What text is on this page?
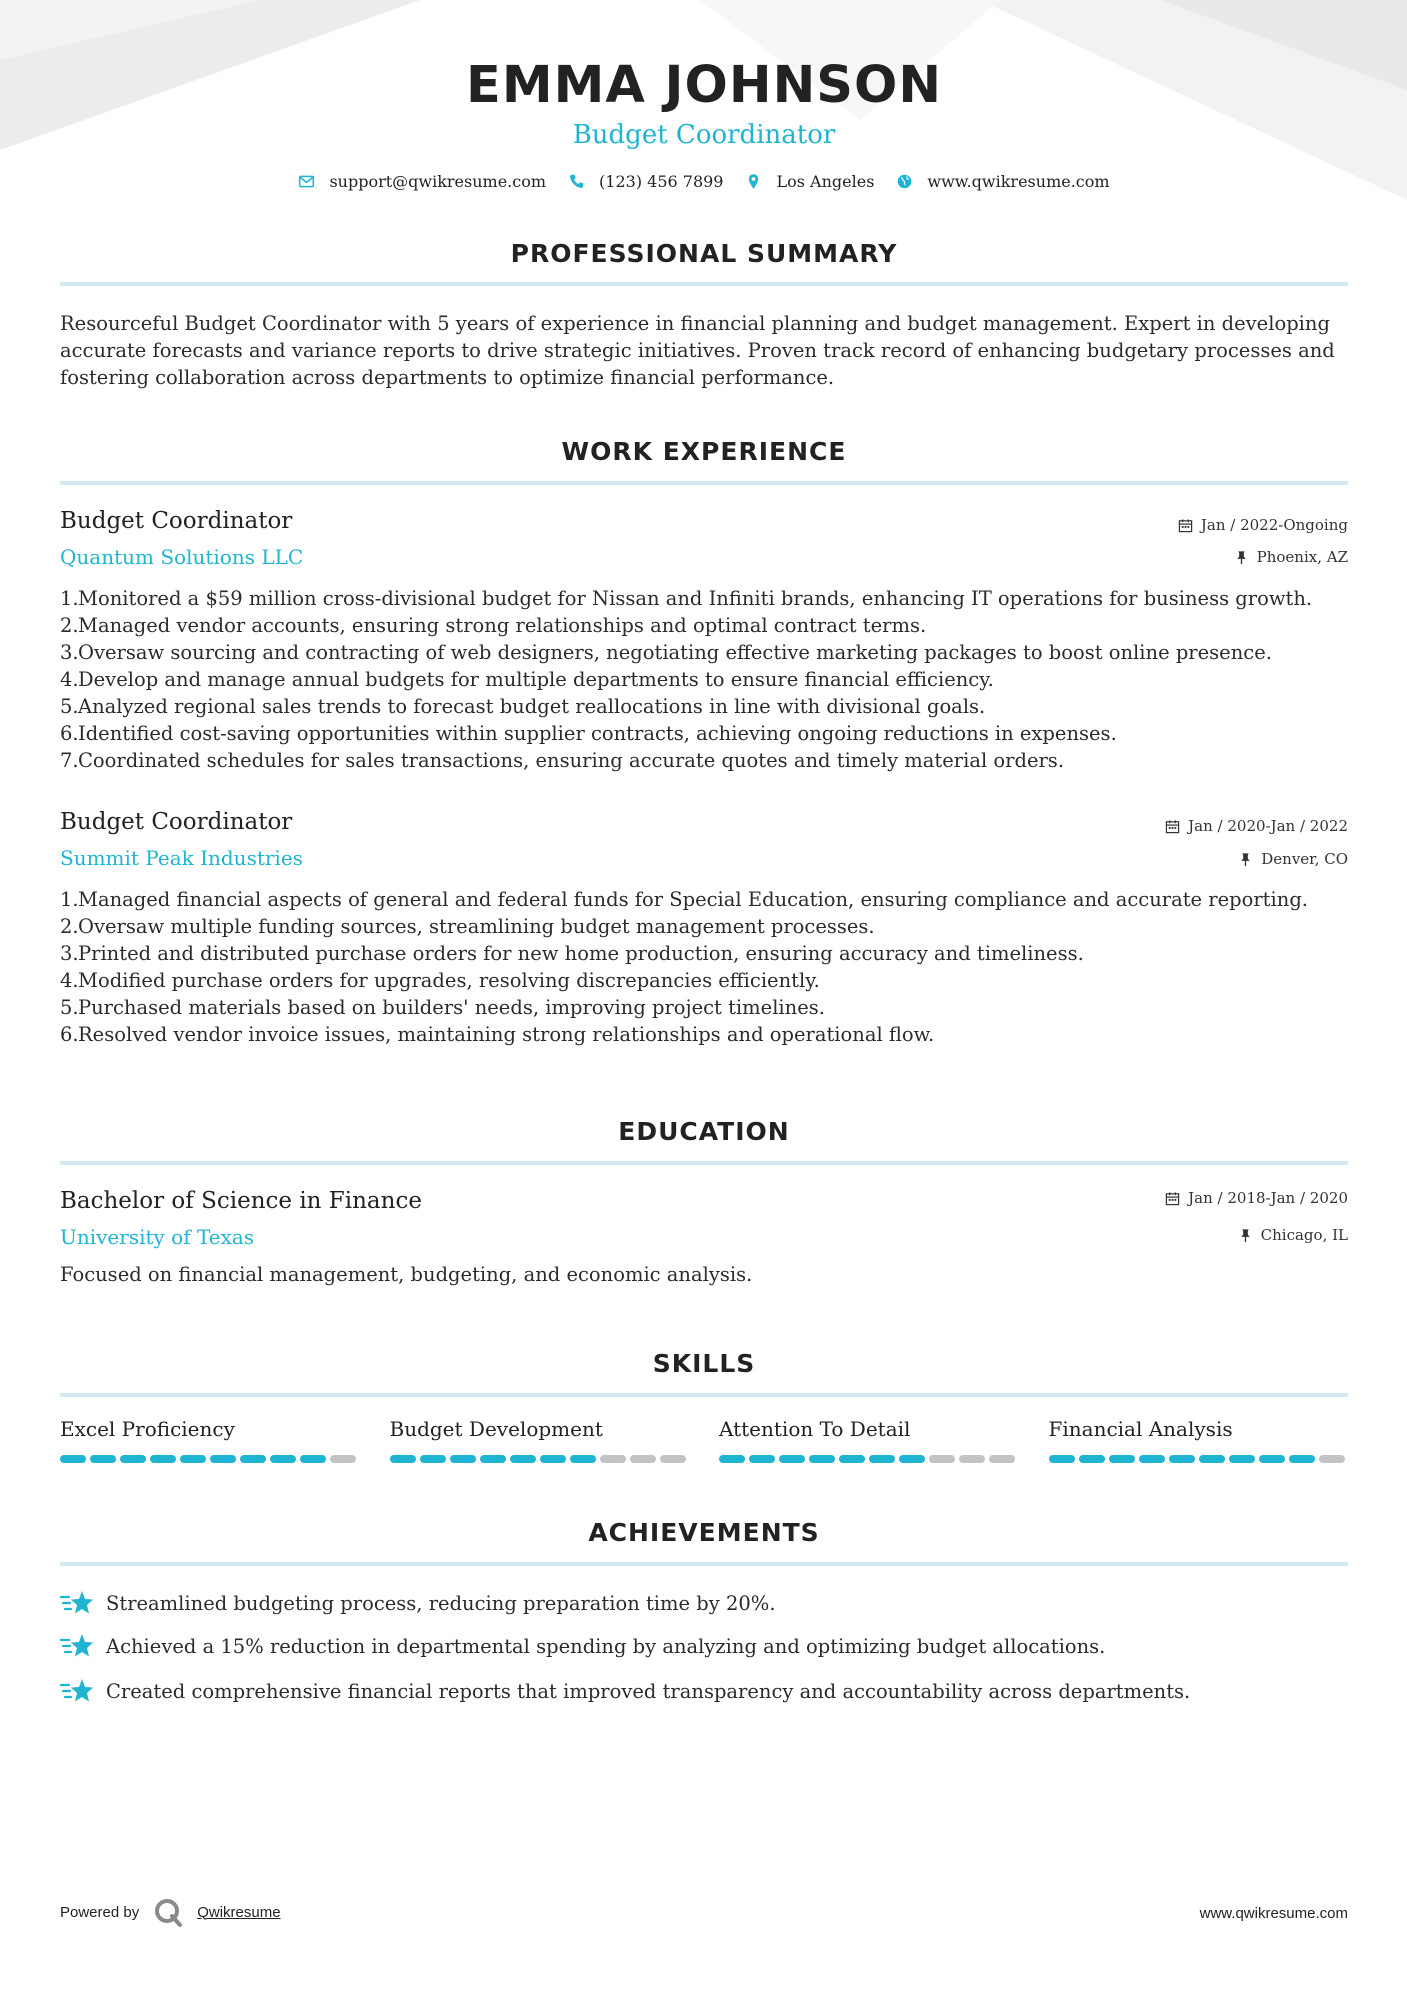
EMMA JOHNSON
Budget Coordinator
support@qwikresume.com	(123) 456 7899	Los Angeles	www.qwikresume.com
PROFESSIONAL SUMMARY
Resourceful Budget Coordinator with 5 years of experience in financial planning and budget management. Expert in developing
accurate forecasts and variance reports to drive strategic initiatives. Proven track record of enhancing budgetary processes and
fostering collaboration across departments to optimize financial performance.
WORK EXPERIENCE
Budget Coordinator
Quantum Solutions LLC
Jan / 2022-Ongoing
Phoenix, AZ
1.Monitored a $59 million cross-divisional budget for Nissan and Infiniti brands, enhancing IT operations for business growth.
2.Managed vendor accounts, ensuring strong relationships and optimal contract terms.
3.Oversaw sourcing and contracting of web designers, negotiating effective marketing packages to boost online presence.
4.Develop and manage annual budgets for multiple departments to ensure financial efficiency.
5.Analyzed regional sales trends to forecast budget reallocations in line with divisional goals.
6.Identified cost-saving opportunities within supplier contracts, achieving ongoing reductions in expenses.
7.Coordinated schedules for sales transactions, ensuring accurate quotes and timely material orders.
Budget Coordinator
Summit Peak Industries
Jan / 2020-Jan / 2022
Denver, CO
1.Managed financial aspects of general and federal funds for Special Education, ensuring compliance and accurate reporting.
2.Oversaw multiple funding sources, streamlining budget management processes.
3.Printed and distributed purchase orders for new home production, ensuring accuracy and timeliness.
4.Modified purchase orders for upgrades, resolving discrepancies efficiently.
5.Purchased materials based on builders' needs, improving project timelines.
6.Resolved vendor invoice issues, maintaining strong relationships and operational flow.
EDUCATION
Bachelor of Science in Finance
University of Texas
Jan / 2018-Jan / 2020
Chicago, IL
Focused on financial management, budgeting, and economic analysis.
SKILLS
Excel Proficiency	Budget Development	Attention To Detail	Financial Analysis
ACHIEVEMENTS
Streamlined budgeting process, reducing preparation time by 20%.
Achieved a 15% reduction in departmental spending by analyzing and optimizing budget allocations.
Created comprehensive financial reports that improved transparency and accountability across departments.
Powered by	Qwikresume	www.qwikresume.com
